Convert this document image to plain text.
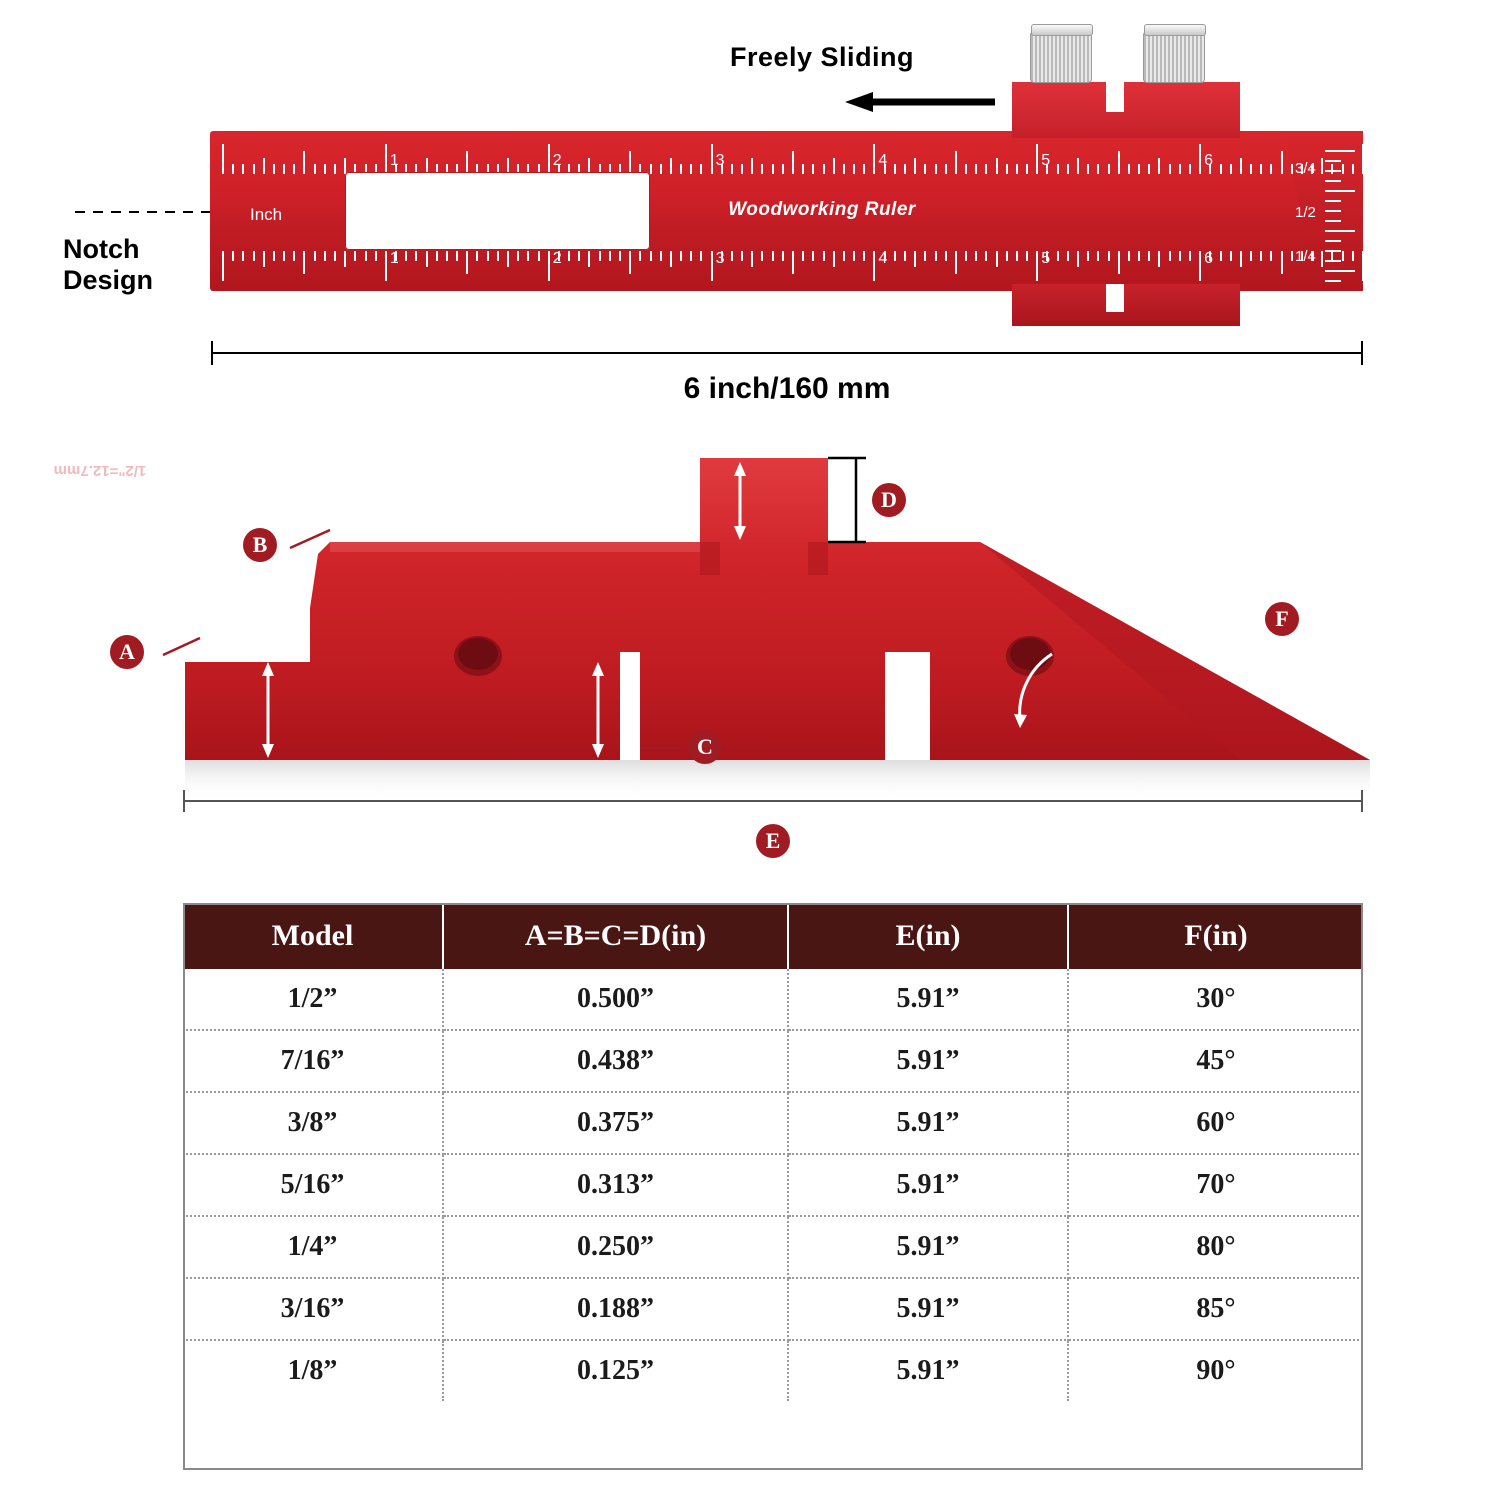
Freely Sliding
Notch
Design
1	2	3	4	5	6
1	2	3	4	5	6
3/4
1/2
1/4
Woodworking Ruler
Inch
6 inch/160 mm
1/2"=.500"=12.7mm
1/2"=12.7mm
1/2"	1/2"
30°
A
B
C
D
F
E
Model	A=B=C=D(in)	E(in)	F(in)
1/2”	0.500”	5.91”	30°
7/16”	0.438”	5.91”	45°
3/8”	0.375”	5.91”	60°
5/16”	0.313”	5.91”	70°
1/4”	0.250”	5.91”	80°
3/16”	0.188”	5.91”	85°
1/8”	0.125”	5.91”	90°
